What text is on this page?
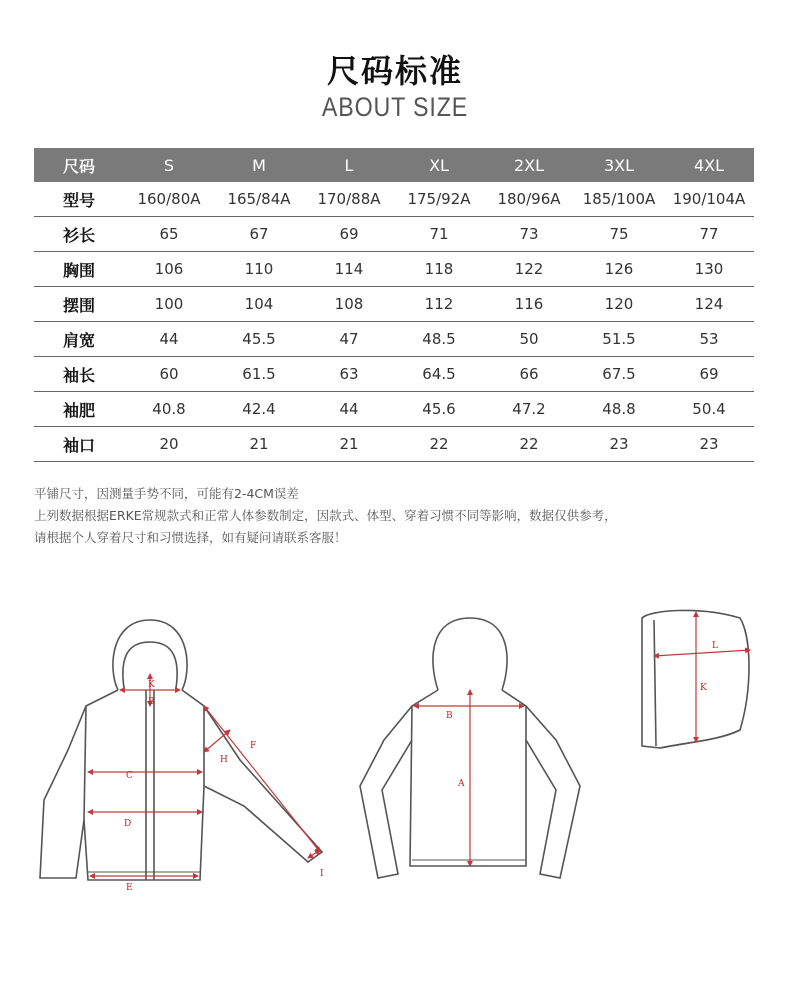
尺码标准
ABOUT SIZE
尺码	S	M	L	XL	2XL	3XL	4XL
型号	160/80A	165/84A	170/88A	175/92A	180/96A	185/100A	190/104A
衫长	65	67	69	71	73	75	77
胸围	106	110	114	118	122	126	130
摆围	100	104	108	112	116	120	124
肩宽	44	45.5	47	48.5	50	51.5	53
袖长	60	61.5	63	64.5	66	67.5	69
袖肥	40.8	42.4	44	45.6	47.2	48.8	50.4
袖口	20	21	21	22	22	23	23
平铺尺寸，因测量手势不同，可能有2-4CM误差
上列数据根据ERKE常规款式和正常人体参数制定，因款式、体型、穿着习惯不同等影响，数据仅供参考，
请根据个人穿着尺寸和习惯选择，如有疑问请联系客服！
K
B
F
H
C
D
E
I
B
A
L
K
